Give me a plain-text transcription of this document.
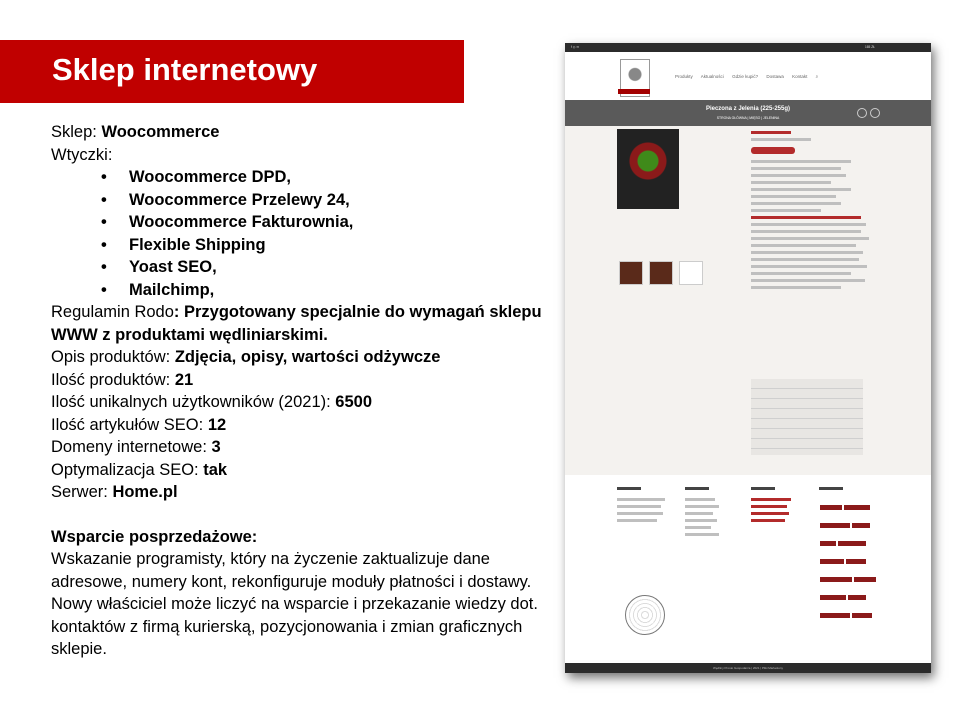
Sklep internetowy
Sklep: Woocommerce
Wtyczki:
• Woocommerce DPD,
• Woocommerce Przelewy 24,
• Woocommerce Fakturownia,
• Flexible Shipping
• Yoast SEO,
• Mailchimp,
Regulamin Rodo: Przygotowany specjalnie do wymagań sklepu WWW z produktami wędliniarskimi.
Opis produktów: Zdjęcia, opisy, wartości odżywcze
Ilość produktów: 21
Ilość unikalnych użytkowników (2021): 6500
Ilość artykułów SEO: 12
Domeny internetowe: 3
Optymalizacja SEO: tak
Serwer: Home.pl
Wsparcie posprzedażowe:
Wskazanie programisty, który na życzenie zaktualizuje dane adresowe, numery kont, rekonfiguruje moduły płatności i dostawy.
Nowy właściciel może liczyć na wsparcie i przekazanie wiedzy dot. kontaktów z firmą kurierską, pozycjonowania i zmian graficznych sklepie.
f ◎ ✉	165 ZŁ
Produkty Aktualności Gdzie kupić? Dostawa Kontakt ⌕
Pieczona z Jelenia (225-255g)
STRONA GŁÓWNA | MIĘSO | JELENINA

Wędliny Prosto Gospodarza | 2021 | Pliki Marketiony
